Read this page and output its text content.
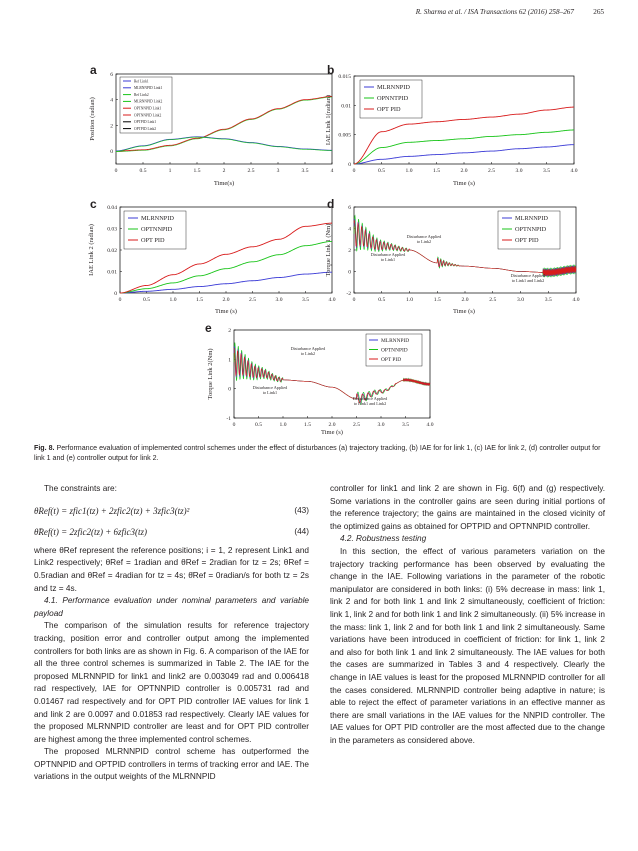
R. Sharma et al. / ISA Transactions 62 (2016) 258–267	265
a
0	0.5	1	1.5	2	2.5	3	3.5	4
6
4
2
0
Ref Link1
MLRNNPID Link1
Ref Link2
MLRNNPID Link2
OPTNNPID Link1
OPTNNPID Link2
OPTPID Link1
OPTPID Link2
Time(s)
Position (radian)
b
0	0.5	1.0	1.5	2.0	2.5	3.0	3.5	4.0
0.015
0.01
0.005
0
MLRNNPID
OPNNTPID
OPT PID
Time (s)
IAE Link 1(radian)
c
0	0.5	1.0	1.5	2.0	2.5	3.0	3.5	4.0
0.04
0.03
0.02
0.01
0
MLRNNPID
OPTNNPID
OPT PID
Time (s)
IAE Link 2 (radian)
d
0	0.5	1.0	1.5	2.0	2.5	3.0	3.5	4.0
6
4
2
0
-2
MLRNNPID
OPTNNPID
OPT PID
Disturbance Applied
to Link2
Disturbance Applied
to Link1
Disturbance Applied
to Link1 and Link2
Time (s)
Torque Link 1 (Nm)
e
0	0.5	1.0	1.5	2.0	2.5	3.0	3.5	4.0
2
1
0
-1
MLRNNPID
OPTNNPID
OPT PID
Disturbance Applied
to Link2
Disturbance Applied
to Link1
Disturbance Applied
to Link1 and Link2
Time (s)
Torque Link 2(Nm)
Fig. 8. Performance evaluation of implemented control schemes under the effect of disturbances (a) trajectory tracking, (b) IAE for for link 1, (c) IAE for link 2, (d) controller output for link 1 and (e) controller output for link 2.

The constraints are:

θ̇Ref(t) = zfic1(tz) + 2zfic2(tz) + 3zfic3(tz)²	(43)
θ̈Ref(t) = 2zfic2(tz) + 6zfic3(tz)	(44)

where θRef represent the reference positions; i = 1, 2 represent Link1 and Link2 respectively; θRef = 1radian and θRef = 2radian for tz = 2s; θRef = 0.5radian and θRef = 4radian for tz = 4s; θ̇Ref = 0radian/s for both tz = 2s and tz = 4s.

4.1. Performance evaluation under nominal parameters and variable payload

The comparison of the simulation results for reference trajectory tracking, position error and controller output among the implemented controllers for both links are as shown in Fig. 6. A comparison of the IAE for all the three control schemes is summarized in Table 2. The IAE for the proposed MLRNNPID for link1 and link2 are 0.003049 rad and 0.006418 rad respectively, IAE for OPTNNPID controller is 0.005731 rad and 0.01467 rad respectively and for OPT PID controller IAE values for link 1 and link 2 are 0.0097 and 0.01853 rad respectively. Clearly IAE values for the proposed MLRNNPID controller are least and for OPT PID controller are highest among the three implemented control schemes.

The proposed MLRNNPID control scheme has outperformed the OPTNNPID and OPTPID controllers in terms of tracking error and IAE. The variations in the output weights of the MLRNNPID

controller for link1 and link 2 are shown in Fig. 6(f) and (g) respectively. Some variations in the controller gains are seen during initial portions of the reference trajectory; the gains are maintained in the closed vicinity of the optimized gains as obtained for OPTPID and OPTNNPID controller.

4.2. Robustness testing

In this section, the effect of various parameters variation on the trajectory tracking performance has been observed by evaluating the change in the IAE. Following variations in the parameter of the robotic manipulator are considered in both links: (i) 5% decrease in mass: link 1, link 2 and for both link 1 and link 2 simultaneously, coefficient of friction: link 1, link 2 and for both link 1 and link 2 simultaneously. (ii) 5% increase in the mass: link 1, link 2 and for both link 1 and link 2 simultaneously. Same variations have been introduced in coefficient of friction: for link 1, link 2 and also for both link 1 and link 2 simultaneously. The IAE values for both the cases are summarized in Tables 3 and 4 respectively. Clearly the change in IAE values is least for the proposed MLRNNPID controller for all the cases considered. MLRNNPID controller being adaptive in nature; is able to reject the effect of parameter variations in an effective manner as there are small variations in the IAE values for the NNPID controller. The IAE values for OPT PID controller are the most affected due to the change in the parameters as considered above.
